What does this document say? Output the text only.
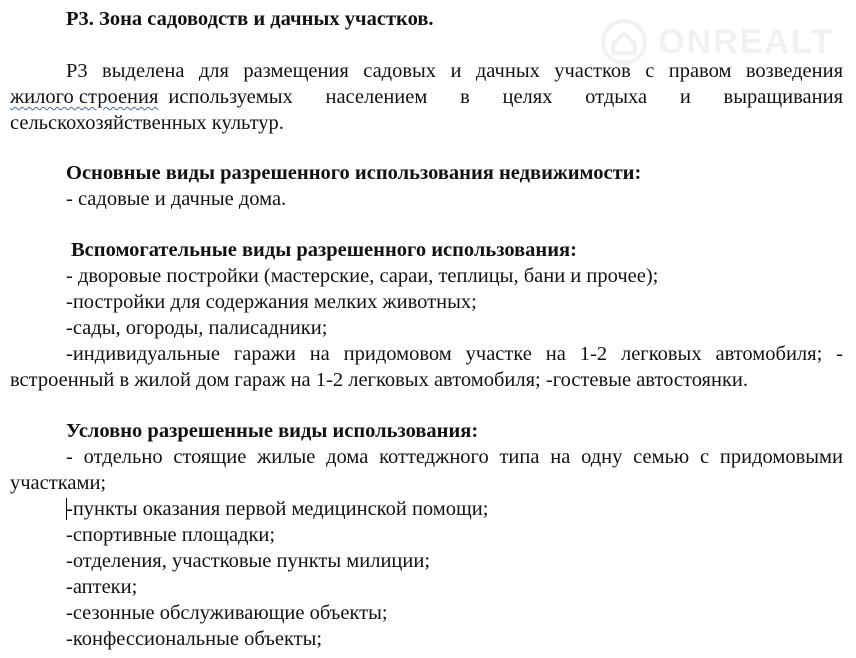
ONREALT
Р3. Зона садоводств и дачных участков.
Р3 выделена для размещения садовых и дачных участков с правом возведения
жилого строения используемых населением в целях отдыха и выращивания
сельскохозяйственных культур.
Основные виды разрешенного использования недвижимости:
- садовые и дачные дома.
Вспомогательные виды разрешенного использования:
- дворовые постройки (мастерские, сараи, теплицы, бани и прочее);
-постройки для содержания мелких животных;
-сады, огороды, палисадники;
-индивидуальные гаражи на придомовом участке на 1-2 легковых автомобиля; -
встроенный в жилой дом гараж на 1-2 легковых автомобиля; -гостевые автостоянки.
Условно разрешенные виды использования:
- отдельно стоящие жилые дома коттеджного типа на одну семью с придомовыми
участками;
-пункты оказания первой медицинской помощи;
-спортивные площадки;
-отделения, участковые пункты милиции;
-аптеки;
-сезонные обслуживающие объекты;
-конфессиональные объекты;
